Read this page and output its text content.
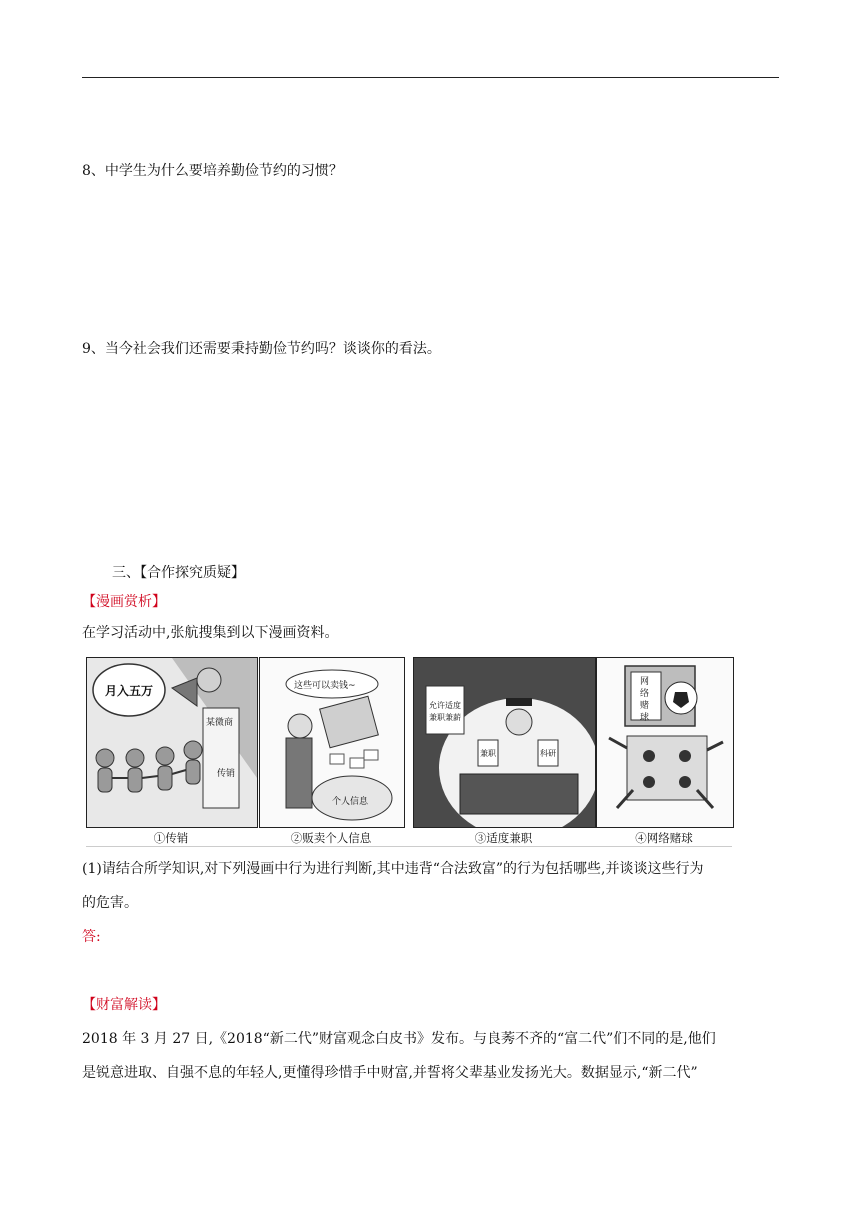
8、中学生为什么要培养勤俭节约的习惯？
9、当今社会我们还需要秉持勤俭节约吗？谈谈你的看法。
三、【合作探究质疑】
【漫画赏析】
在学习活动中,张航搜集到以下漫画资料。
月入五万
某微商
传销
这些可以卖钱~
个人信息
允许适度
兼职兼薪
兼职	科研
网
络
赌
球
①传销	②贩卖个人信息	③适度兼职	④网络赌球
(1)请结合所学知识,对下列漫画中行为进行判断,其中违背“合法致富”的行为包括哪些,并谈谈这些行为
的危害。
答:
【财富解读】
2018 年 3 月 27 日,《2018“新二代”财富观念白皮书》发布。与良莠不齐的“富二代”们不同的是,他们
是锐意进取、自强不息的年轻人,更懂得珍惜手中财富,并誓将父辈基业发扬光大。数据显示,“新二代”
